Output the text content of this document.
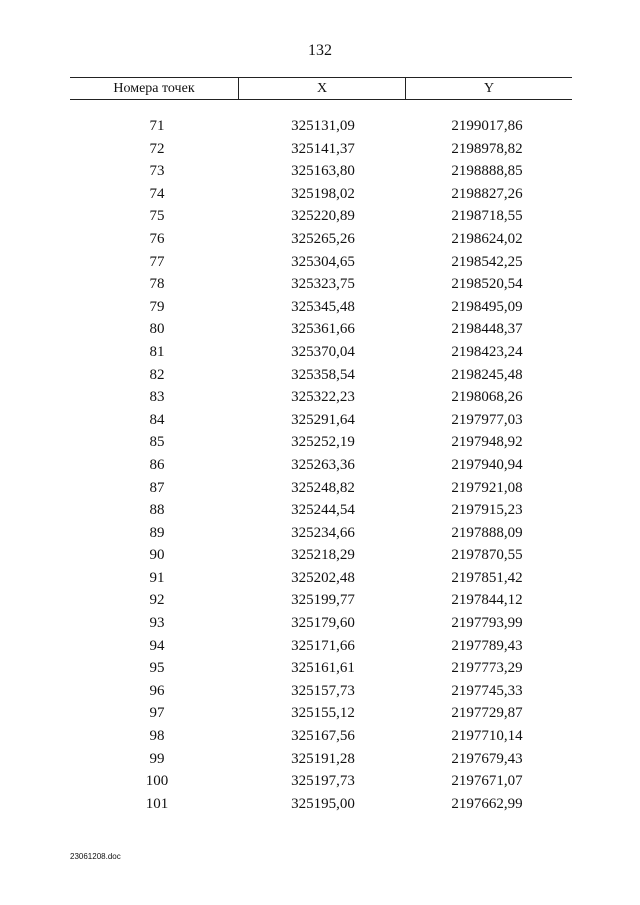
132
Номера точек	X	Y
71	325131,09	2199017,86
72	325141,37	2198978,82
73	325163,80	2198888,85
74	325198,02	2198827,26
75	325220,89	2198718,55
76	325265,26	2198624,02
77	325304,65	2198542,25
78	325323,75	2198520,54
79	325345,48	2198495,09
80	325361,66	2198448,37
81	325370,04	2198423,24
82	325358,54	2198245,48
83	325322,23	2198068,26
84	325291,64	2197977,03
85	325252,19	2197948,92
86	325263,36	2197940,94
87	325248,82	2197921,08
88	325244,54	2197915,23
89	325234,66	2197888,09
90	325218,29	2197870,55
91	325202,48	2197851,42
92	325199,77	2197844,12
93	325179,60	2197793,99
94	325171,66	2197789,43
95	325161,61	2197773,29
96	325157,73	2197745,33
97	325155,12	2197729,87
98	325167,56	2197710,14
99	325191,28	2197679,43
100	325197,73	2197671,07
101	325195,00	2197662,99
23061208.doc
